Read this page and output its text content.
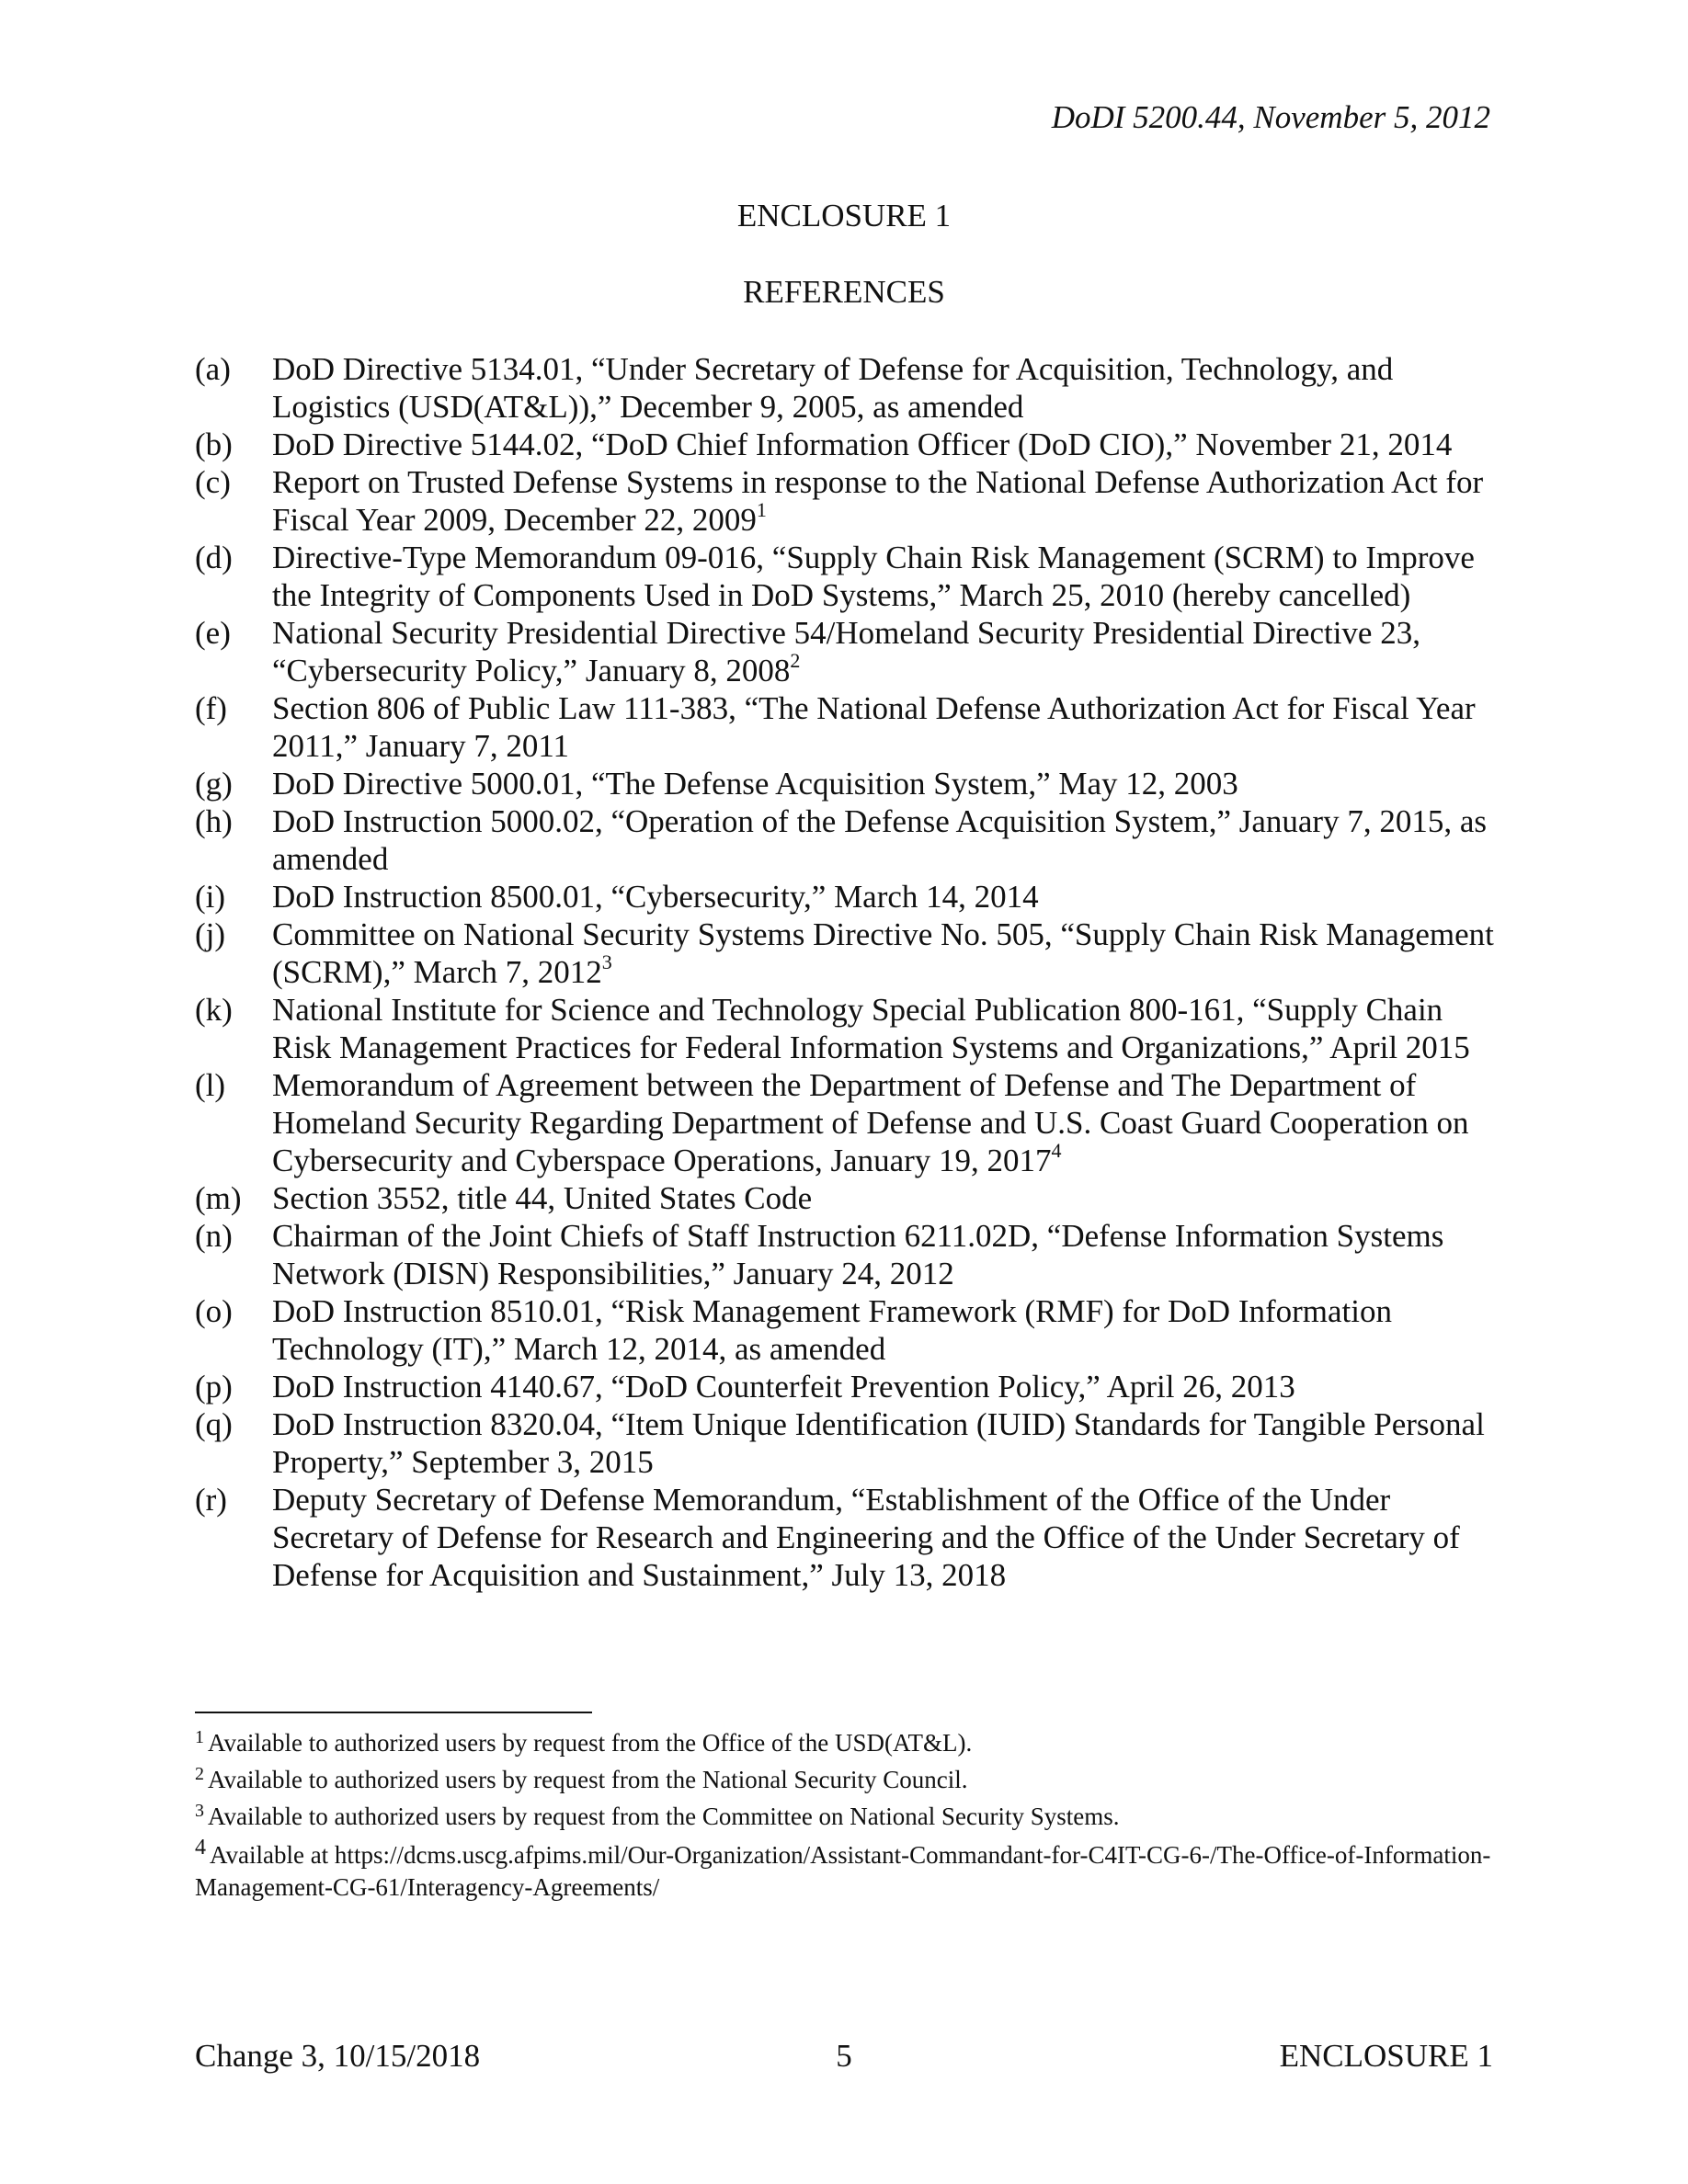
DoDI 5200.44, November 5, 2012
ENCLOSURE 1
REFERENCES
(a) DoD Directive 5134.01, “Under Secretary of Defense for Acquisition, Technology, and Logistics (USD(AT&L)),” December 9, 2005, as amended
(b) DoD Directive 5144.02, “DoD Chief Information Officer (DoD CIO),” November 21, 2014
(c) Report on Trusted Defense Systems in response to the National Defense Authorization Act for Fiscal Year 2009, December 22, 2009$^1$
(d) Directive-Type Memorandum 09-016, “Supply Chain Risk Management (SCRM) to Improve the Integrity of Components Used in DoD Systems,” March 25, 2010 (hereby cancelled)
(e) National Security Presidential Directive 54/Homeland Security Presidential Directive 23, “Cybersecurity Policy,” January 8, 2008$^2$
(f) Section 806 of Public Law 111-383, “The National Defense Authorization Act for Fiscal Year 2011,” January 7, 2011
(g) DoD Directive 5000.01, “The Defense Acquisition System,” May 12, 2003
(h) DoD Instruction 5000.02, “Operation of the Defense Acquisition System,” January 7, 2015, as amended
(i) DoD Instruction 8500.01, “Cybersecurity,” March 14, 2014
(j) Committee on National Security Systems Directive No. 505, “Supply Chain Risk Management (SCRM),” March 7, 2012$^3$
(k) National Institute for Science and Technology Special Publication 800-161, “Supply Chain Risk Management Practices for Federal Information Systems and Organizations,” April 2015
(l) Memorandum of Agreement between the Department of Defense and The Department of Homeland Security Regarding Department of Defense and U.S. Coast Guard Cooperation on Cybersecurity and Cyberspace Operations, January 19, 2017$^4$
(m) Section 3552, title 44, United States Code
(n) Chairman of the Joint Chiefs of Staff Instruction 6211.02D, “Defense Information Systems Network (DISN) Responsibilities,” January 24, 2012
(o) DoD Instruction 8510.01, “Risk Management Framework (RMF) for DoD Information Technology (IT),” March 12, 2014, as amended
(p) DoD Instruction 4140.67, “DoD Counterfeit Prevention Policy,” April 26, 2013
(q) DoD Instruction 8320.04, “Item Unique Identification (IUID) Standards for Tangible Personal Property,” September 3, 2015
(r) Deputy Secretary of Defense Memorandum, “Establishment of the Office of the Under Secretary of Defense for Research and Engineering and the Office of the Under Secretary of Defense for Acquisition and Sustainment,” July 13, 2018
$^1$ Available to authorized users by request from the Office of the USD(AT&L).
$^2$ Available to authorized users by request from the National Security Council.
$^3$ Available to authorized users by request from the Committee on National Security Systems.
4 Available at https://dcms.uscg.afpims.mil/Our-Organization/Assistant-Commandant-for-C4IT-CG-6-/The-Office-of-Information-Management-CG-61/Interagency-Agreements/
Change 3, 10/15/2018	5	ENCLOSURE 1
